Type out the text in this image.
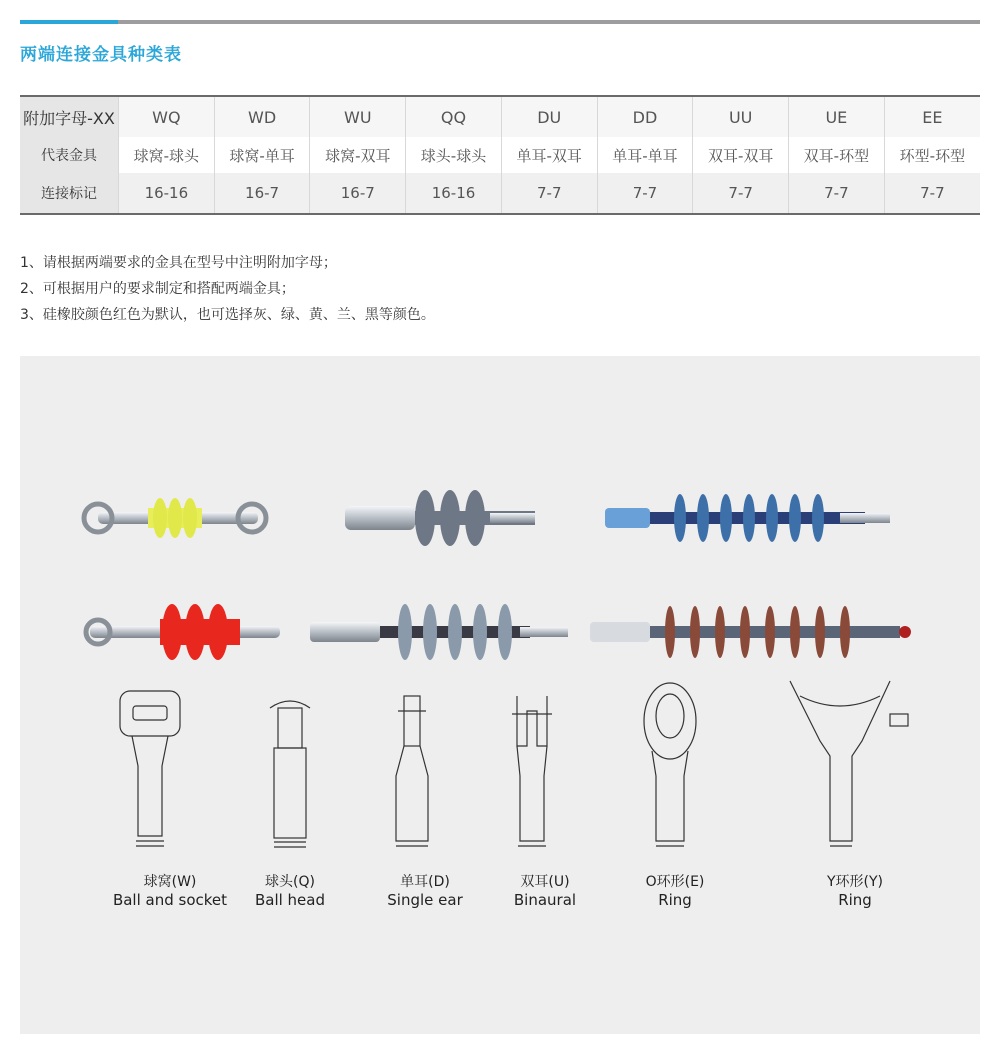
两端连接金具种类表
附加字母-XX	WQ	WD	WU	QQ	DU	DD	UU	UE	EE
代表金具	球窝-球头	球窝-单耳	球窝-双耳	球头-球头	单耳-双耳	单耳-单耳	双耳-双耳	双耳-环型	环型-环型
连接标记	16-16	16-7	16-7	16-16	7-7	7-7	7-7	7-7	7-7
1、请根据两端要求的金具在型号中注明附加字母；
2、可根据用户的要求制定和搭配两端金具；
3、硅橡胶颜色红色为默认，也可选择灰、绿、黄、兰、黑等颜色。
球窝(W)
Ball and socket
球头(Q)
Ball head
单耳(D)
Single ear
双耳(U)
Binaural
O环形(E)
Ring
Y环形(Y)
Ring
